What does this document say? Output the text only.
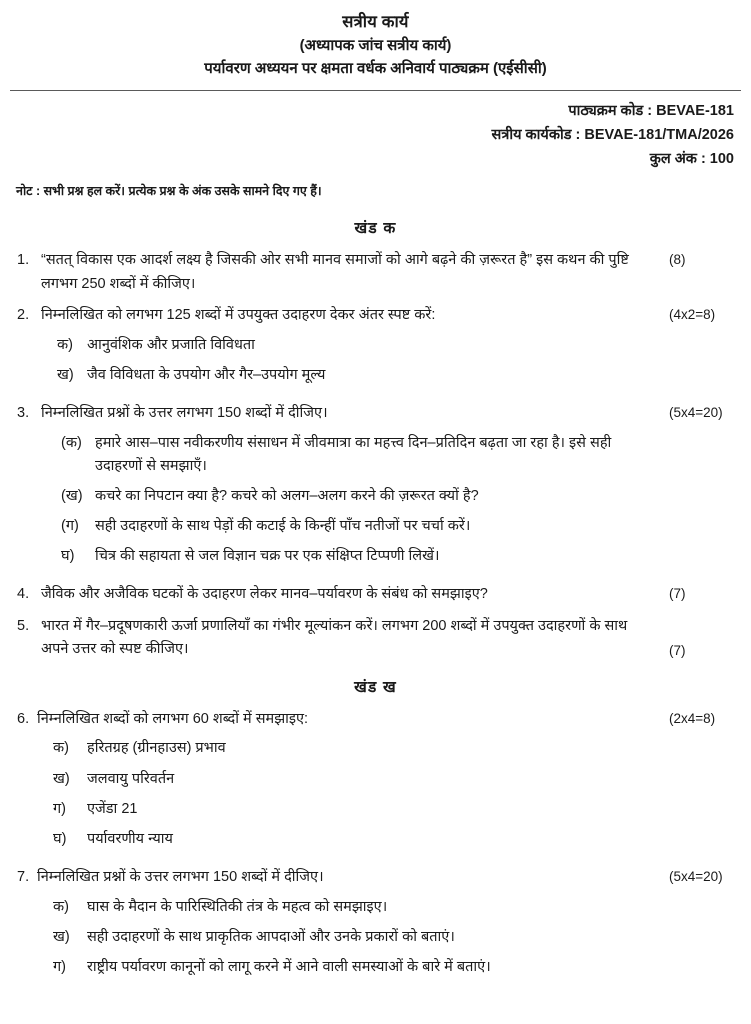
सत्रीय कार्य
(अध्यापक जांच सत्रीय कार्य)
पर्यावरण अध्ययन पर क्षमता वर्धक अनिवार्य पाठ्यक्रम (एईसीसी)
पाठ्यक्रम कोड : BEVAE-181
सत्रीय कार्यकोड : BEVAE-181/TMA/2026
कुल अंक : 100
नोट : सभी प्रश्न हल करें। प्रत्येक प्रश्न के अंक उसके सामने दिए गए हैं।
खंड क
1. “सतत् विकास एक आदर्श लक्ष्य है जिसकी ओर सभी मानव समाजों को आगे बढ़ने की ज़रूरत है” इस कथन की पुष्टि लगभग 250 शब्दों में कीजिए।
(8)
2. निम्नलिखित को लगभग 125 शब्दों में उपयुक्त उदाहरण देकर अंतर स्पष्ट करें:
क) आनुवंशिक और प्रजाति विविधता
ख) जैव विविधता के उपयोग और गैर–उपयोग मूल्य
(4x2=8)
3. निम्नलिखित प्रश्नों के उत्तर लगभग 150 शब्दों में दीजिए।
(क) हमारे आस–पास नवीकरणीय संसाधन में जीवमात्रा का महत्त्व दिन–प्रतिदिन बढ़ता जा रहा है। इसे सही उदाहरणों से समझाएँ।
(ख) कचरे का निपटान क्या है? कचरे को अलग–अलग करने की ज़रूरत क्यों है?
(ग)	सही उदाहरणों के साथ पेड़ों की कटाई के किन्हीं पाँच नतीजों पर चर्चा करें।
घ)	चित्र की सहायता से जल विज्ञान चक्र पर एक संक्षिप्त टिप्पणी लिखें।
(5x4=20)
4. जैविक और अजैविक घटकों के उदाहरण लेकर मानव–पर्यावरण के संबंध को समझाइए?	(7)
5. भारत में गैर–प्रदूषणकारी ऊर्जा प्रणालियाँ का गंभीर मूल्यांकन करें। लगभग 200 शब्दों में उपयुक्त उदाहरणों के साथ अपने उत्तर को स्पष्ट कीजिए।	(7)
खंड ख
6. निम्नलिखित शब्दों को लगभग 60 शब्दों में समझाइए:
क)	हरितग्रह (ग्रीनहाउस) प्रभाव
ख)	जलवायु परिवर्तन
ग)	एजेंडा 21
घ)	पर्यावरणीय न्याय
(2x4=8)
7. निम्नलिखित प्रश्नों के उत्तर लगभग 150 शब्दों में दीजिए।
क)	घास के मैदान के पारिस्थितिकी तंत्र के महत्व को समझाइए।
ख)	सही उदाहरणों के साथ प्राकृतिक आपदाओं और उनके प्रकारों को बताएं।
ग)	राष्ट्रीय पर्यावरण कानूनों को लागू करने में आने वाली समस्याओं के बारे में बताएं।
(5x4=20)
